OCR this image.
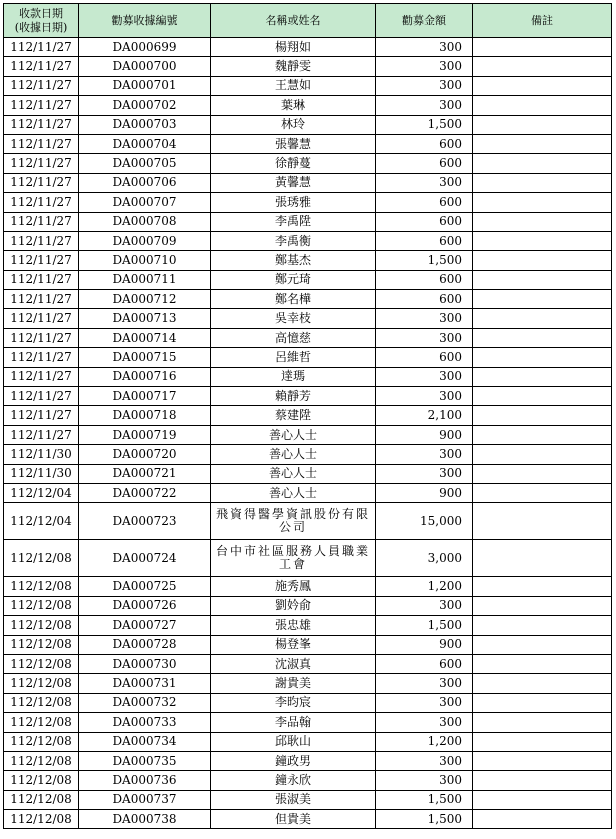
收款日期
(收據日期)	勸募收據編號	名稱或姓名	勸募金額	備註
112/11/27	DA000699	楊翔如	300	
112/11/27	DA000700	魏靜雯	300	
112/11/27	DA000701	王慧如	300	
112/11/27	DA000702	葉琳	300	
112/11/27	DA000703	林玲	1,500	
112/11/27	DA000704	張馨慧	600	
112/11/27	DA000705	徐靜蔓	600	
112/11/27	DA000706	黃馨慧	300	
112/11/27	DA000707	張琇雅	600	
112/11/27	DA000708	李禹陞	600	
112/11/27	DA000709	李禹衡	600	
112/11/27	DA000710	鄭基杰	1,500	
112/11/27	DA000711	鄭元琦	600	
112/11/27	DA000712	鄭名樺	600	
112/11/27	DA000713	吳幸枝	300	
112/11/27	DA000714	高憶慈	300	
112/11/27	DA000715	呂維哲	600	
112/11/27	DA000716	達瑪	300	
112/11/27	DA000717	賴靜芳	300	
112/11/27	DA000718	蔡建陞	2,100	
112/11/27	DA000719	善心人士	900	
112/11/30	DA000720	善心人士	300	
112/11/30	DA000721	善心人士	300	
112/12/04	DA000722	善心人士	900	
112/12/04	DA000723	飛資得醫學資訊股份有限公司	15,000	
112/12/08	DA000724	台中市社區服務人員職業工會	3,000	
112/12/08	DA000725	施秀鳳	1,200	
112/12/08	DA000726	劉妗俞	300	
112/12/08	DA000727	張忠雄	1,500	
112/12/08	DA000728	楊登峯	900	
112/12/08	DA000730	沈淑真	600	
112/12/08	DA000731	謝貴美	300	
112/12/08	DA000732	李昀宸	300	
112/12/08	DA000733	李品翰	300	
112/12/08	DA000734	邱耿山	1,200	
112/12/08	DA000735	鐘政男	300	
112/12/08	DA000736	鐘永欣	300	
112/12/08	DA000737	張淑美	1,500	
112/12/08	DA000738	但貴美	1,500	
